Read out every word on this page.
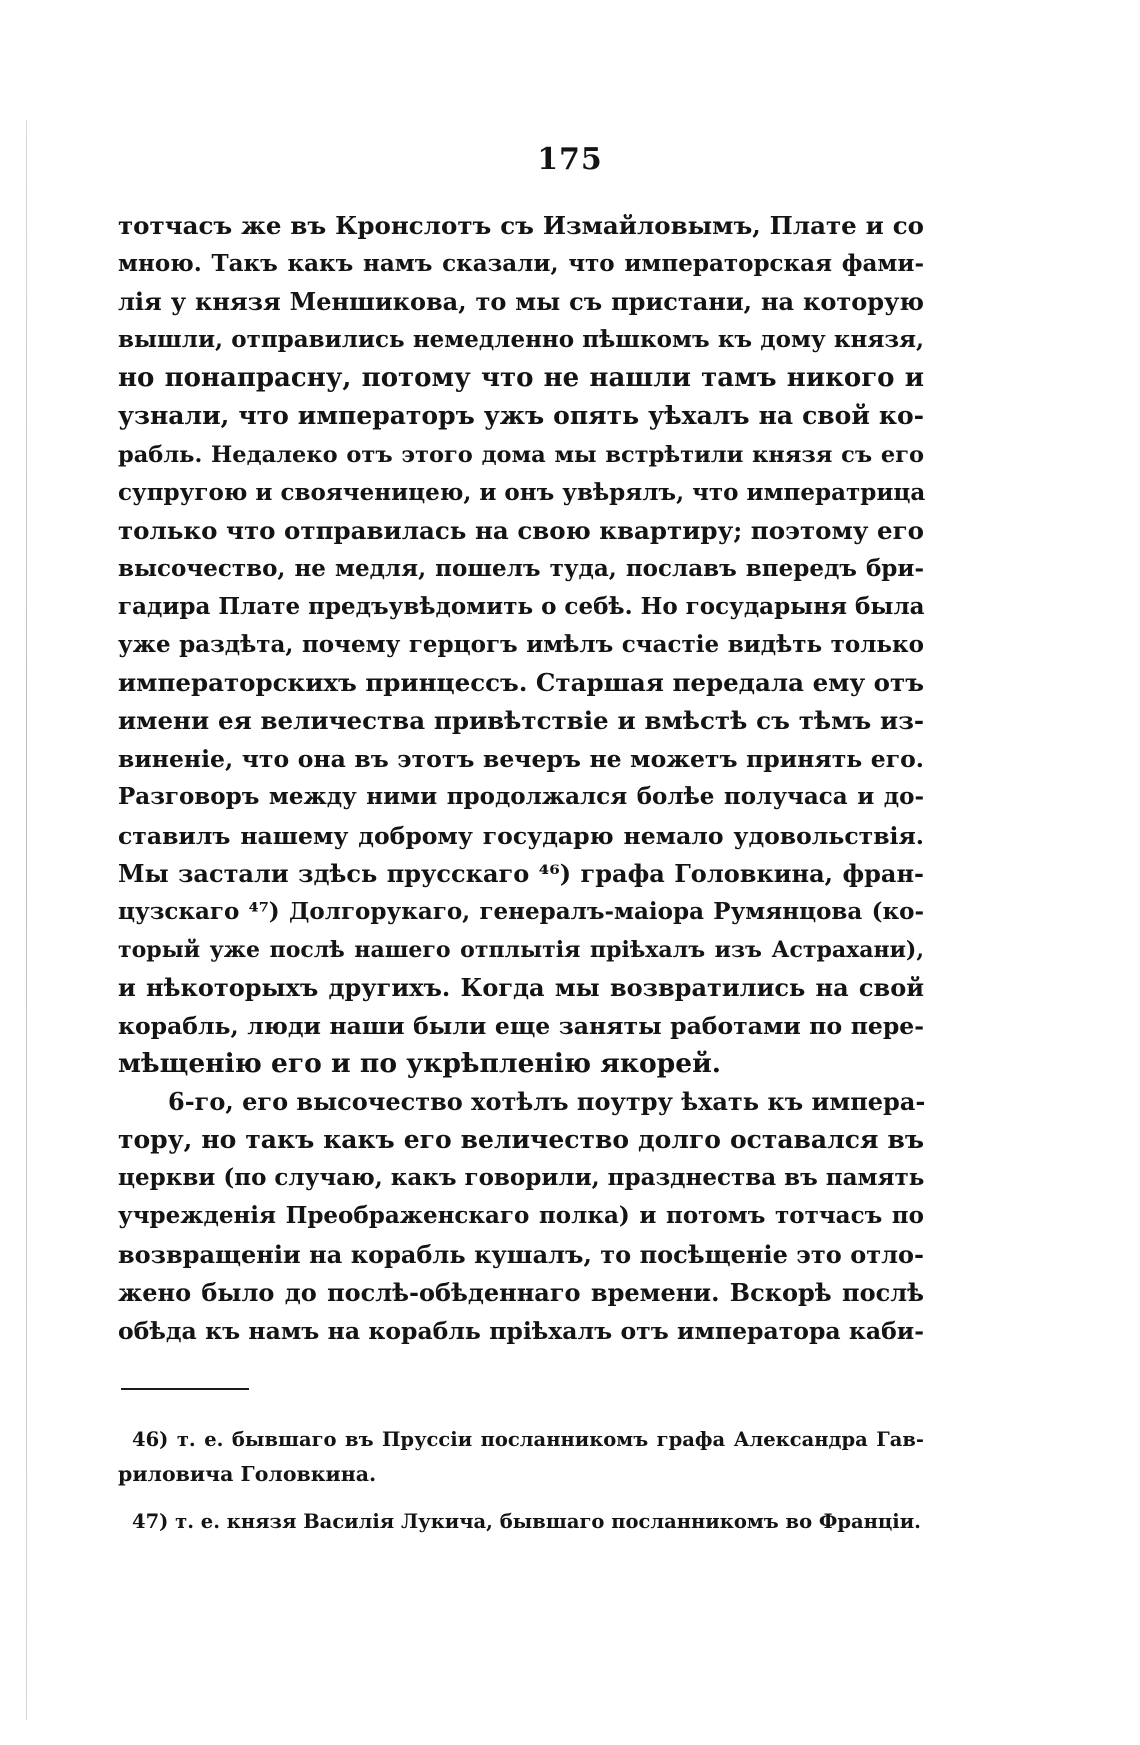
175
тотчасъ же въ Кронслотъ съ Измайловымъ, Плате и со
мною. Такъ какъ намъ сказали, что императорская фами-
лія у князя Меншикова, то мы съ пристани, на которую
вышли, отправились немедленно пѣшкомъ къ дому князя,
но понапрасну, потому что не нашли тамъ никого и
узнали, что императоръ ужъ опять уѣхалъ на свой ко-
рабль. Недалеко отъ этого дома мы встрѣтили князя съ его
супругою и свояченицею, и онъ увѣрялъ, что императрица
только что отправилась на свою квартиру; поэтому его
высочество, не медля, пошелъ туда, пославъ впередъ бри-
гадира Плате предъувѣдомить о себѣ. Но государыня была
уже раздѣта, почему герцогъ имѣлъ счастіе видѣть только
императорскихъ принцессъ. Старшая передала ему отъ
имени ея величества привѣтствіе и вмѣстѣ съ тѣмъ из-
виненіе, что она въ этотъ вечеръ не можетъ принять его.
Разговоръ между ними продолжался болѣе получаса и до-
ставилъ нашему доброму государю немало удовольствія.
Мы застали здѣсь прусскаго ⁴⁶) графа Головкина, фран-
цузскаго ⁴⁷) Долгорукаго, генералъ-маіора Румянцова (ко-
торый уже послѣ нашего отплытія пріѣхалъ изъ Астрахани),
и нѣкоторыхъ другихъ. Когда мы возвратились на свой
корабль, люди наши были еще заняты работами по пере-
мѣщенію его и по укрѣпленію якорей.
6-го, его высочество хотѣлъ поутру ѣхать къ импера-
тору, но такъ какъ его величество долго оставался въ
церкви (по случаю, какъ говорили, празднества въ память
учрежденія Преображенскаго полка) и потомъ тотчасъ по
возвращеніи на корабль кушалъ, то посѣщеніе это отло-
жено было до послѣ-обѣденнаго времени. Вскорѣ послѣ
обѣда къ намъ на корабль пріѣхалъ отъ императора каби-
46) т. е. бывшаго въ Пруссіи посланникомъ графа Александра Гав-
риловича Головкина.
47) т. е. князя Василія Лукича, бывшаго посланникомъ во Франціи.
